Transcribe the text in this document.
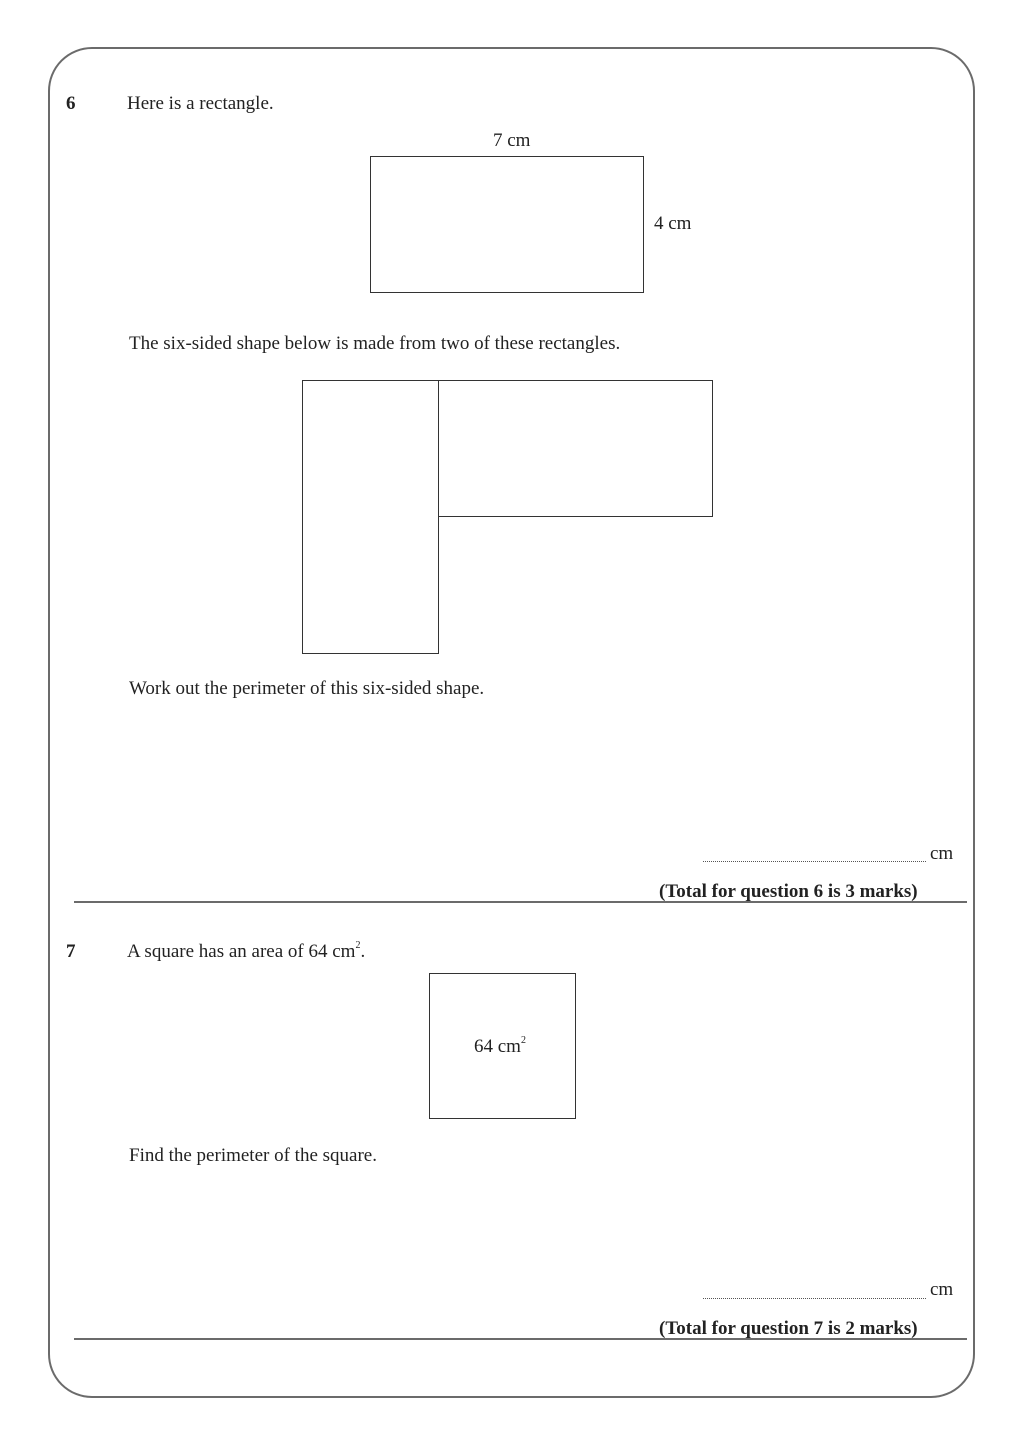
6	Here is a rectangle.
7 cm
4 cm
The six-sided shape below is made from two of these rectangles.
Work out the perimeter of this six-sided shape.
cm
(Total for question 6 is 3 marks)
7	A square has an area of 64 $cm^2$.
64 $cm^2$
Find the perimeter of the square.
cm
(Total for question 7 is 2 marks)
